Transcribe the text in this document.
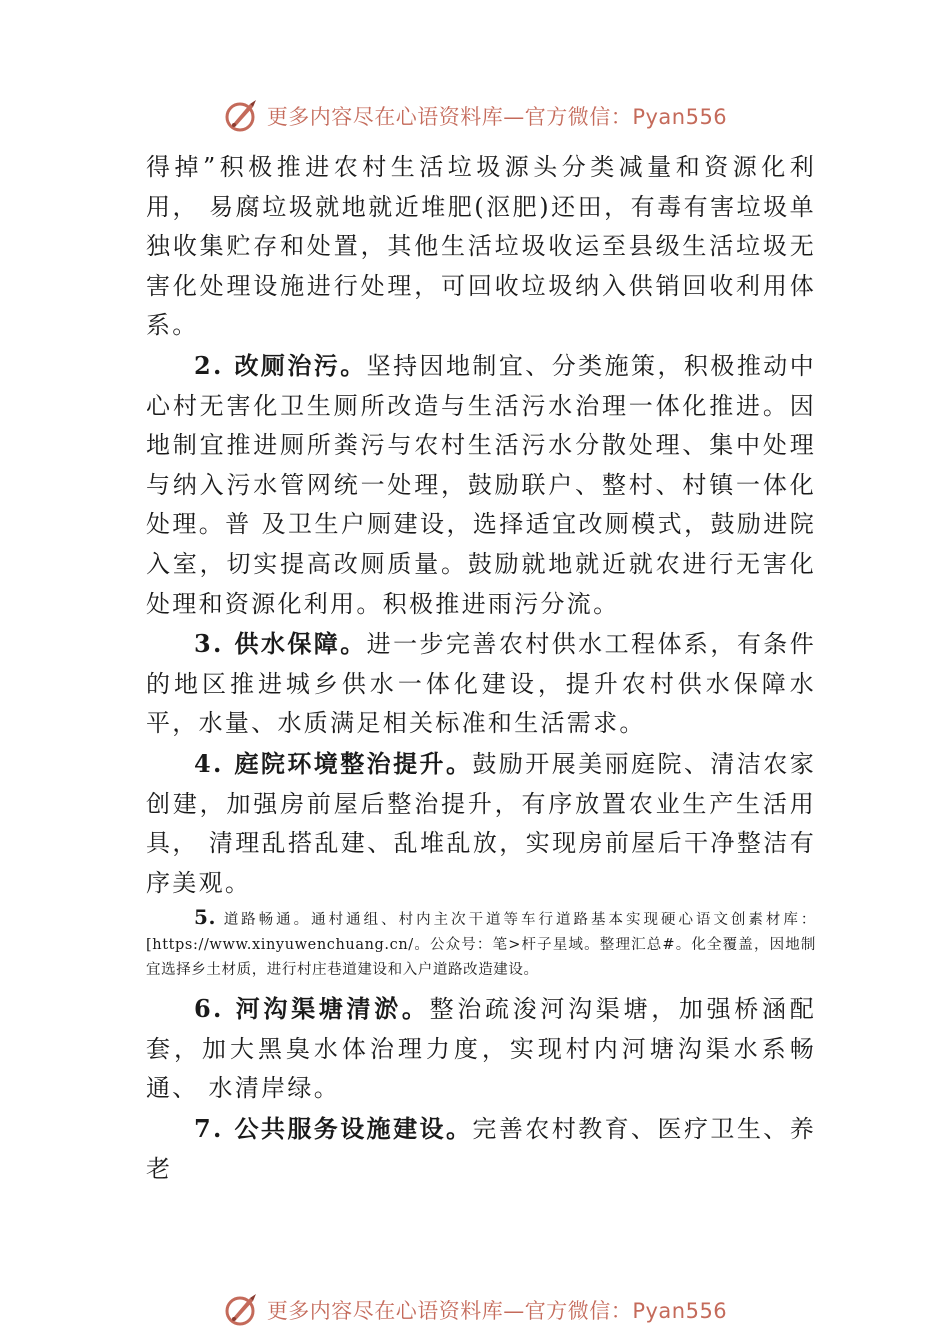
更多内容尽在心语资料库—官方微信：Pyan556

得掉”积极推进农村生活垃圾源头分类减量和资源化利用， 易腐垃圾就地就近堆肥(沤肥)还田，有毒有害垃圾单独收集贮存和处置，其他生活垃圾收运至县级生活垃圾无害化处理设施进行处理，可回收垃圾纳入供销回收利用体系。

2. 改厕治污。坚持因地制宜、分类施策，积极推动中心村无害化卫生厕所改造与生活污水治理一体化推进。因地制宜推进厕所粪污与农村生活污水分散处理、集中处理与纳入污水管网统一处理，鼓励联户、整村、村镇一体化处理。普 及卫生户厕建设，选择适宜改厕模式，鼓励进院入室，切实提高改厕质量。鼓励就地就近就农进行无害化处理和资源化利用。积极推进雨污分流。

3. 供水保障。进一步完善农村供水工程体系，有条件的地区推进城乡供水一体化建设，提升农村供水保障水平，水量、水质满足相关标准和生活需求。

4. 庭院环境整治提升。鼓励开展美丽庭院、清洁农家创建，加强房前屋后整治提升，有序放置农业生产生活用具， 清理乱搭乱建、乱堆乱放，实现房前屋后干净整洁有序美观。

5. 道路畅通。通村通组、村内主次干道等车行道路基本实现硬心语文创素材库：[https://www.xinyuwenchuang.cn/。公众号：笔>杆子星域。整理汇总#。化全覆盖，因地制宜选择乡土材质，进行村庄巷道建设和入户道路改造建设。

6. 河沟渠塘清淤。整治疏浚河沟渠塘，加强桥涵配套，加大黑臭水体治理力度，实现村内河塘沟渠水系畅通、 水清岸绿。

7. 公共服务设施建设。完善农村教育、医疗卫生、养老

更多内容尽在心语资料库—官方微信：Pyan556
